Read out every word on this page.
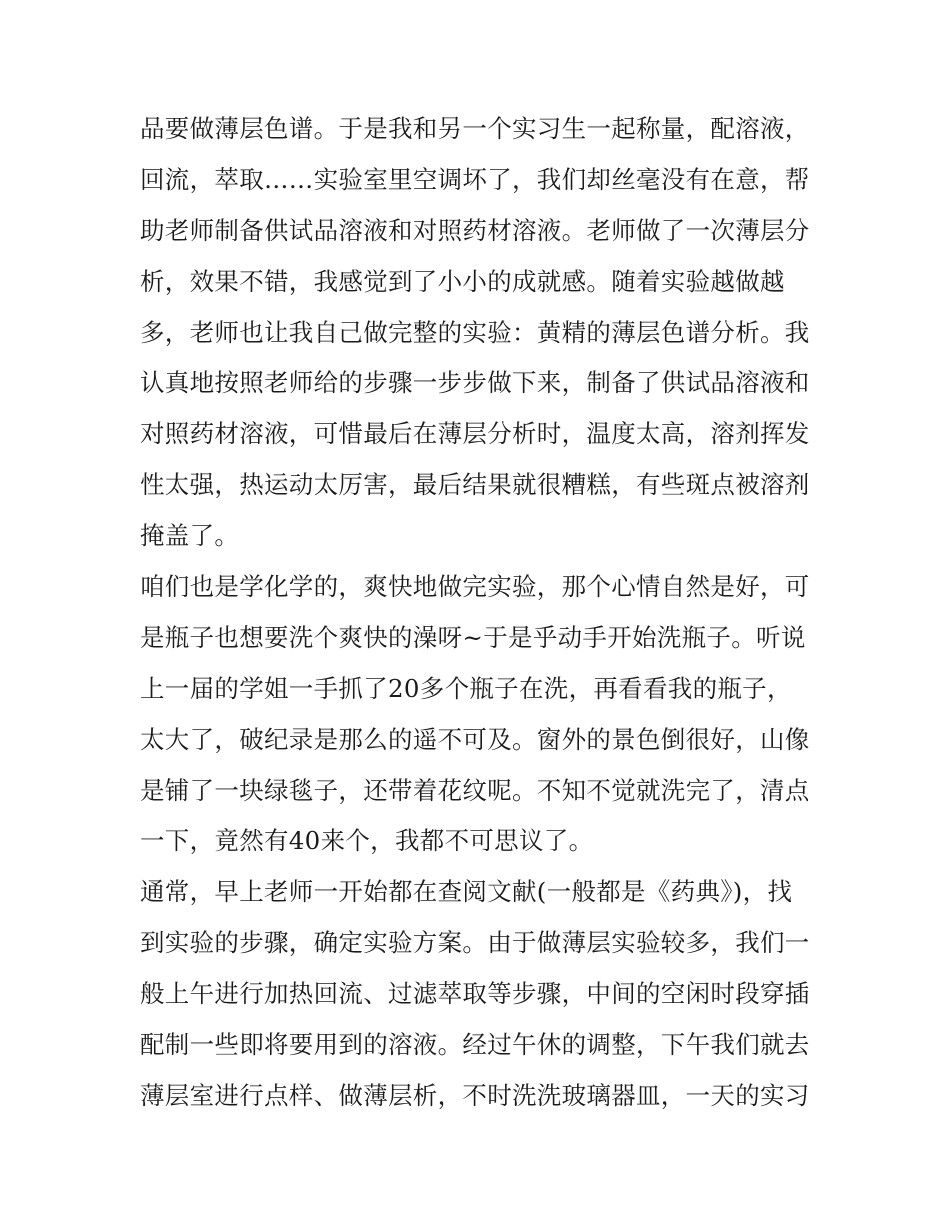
品要做薄层色谱。于是我和另一个实习生一起称量，配溶液，
回流，萃取……实验室里空调坏了，我们却丝毫没有在意，帮
助老师制备供试品溶液和对照药材溶液。老师做了一次薄层分
析，效果不错，我感觉到了小小的成就感。随着实验越做越
多，老师也让我自己做完整的实验：黄精的薄层色谱分析。我
认真地按照老师给的步骤一步步做下来，制备了供试品溶液和
对照药材溶液，可惜最后在薄层分析时，温度太高，溶剂挥发
性太强，热运动太厉害，最后结果就很糟糕，有些斑点被溶剂
掩盖了。
咱们也是学化学的，爽快地做完实验，那个心情自然是好，可
是瓶子也想要洗个爽快的澡呀~于是乎动手开始洗瓶子。听说
上一届的学姐一手抓了20多个瓶子在洗，再看看我的瓶子，
太大了，破纪录是那么的遥不可及。窗外的景色倒很好，山像
是铺了一块绿毯子，还带着花纹呢。不知不觉就洗完了，清点
一下，竟然有40来个，我都不可思议了。
通常，早上老师一开始都在查阅文献(一般都是《药典》)，找
到实验的步骤，确定实验方案。由于做薄层实验较多，我们一
般上午进行加热回流、过滤萃取等步骤，中间的空闲时段穿插
配制一些即将要用到的溶液。经过午休的调整，下午我们就去
薄层室进行点样、做薄层析，不时洗洗玻璃器皿，一天的实习
